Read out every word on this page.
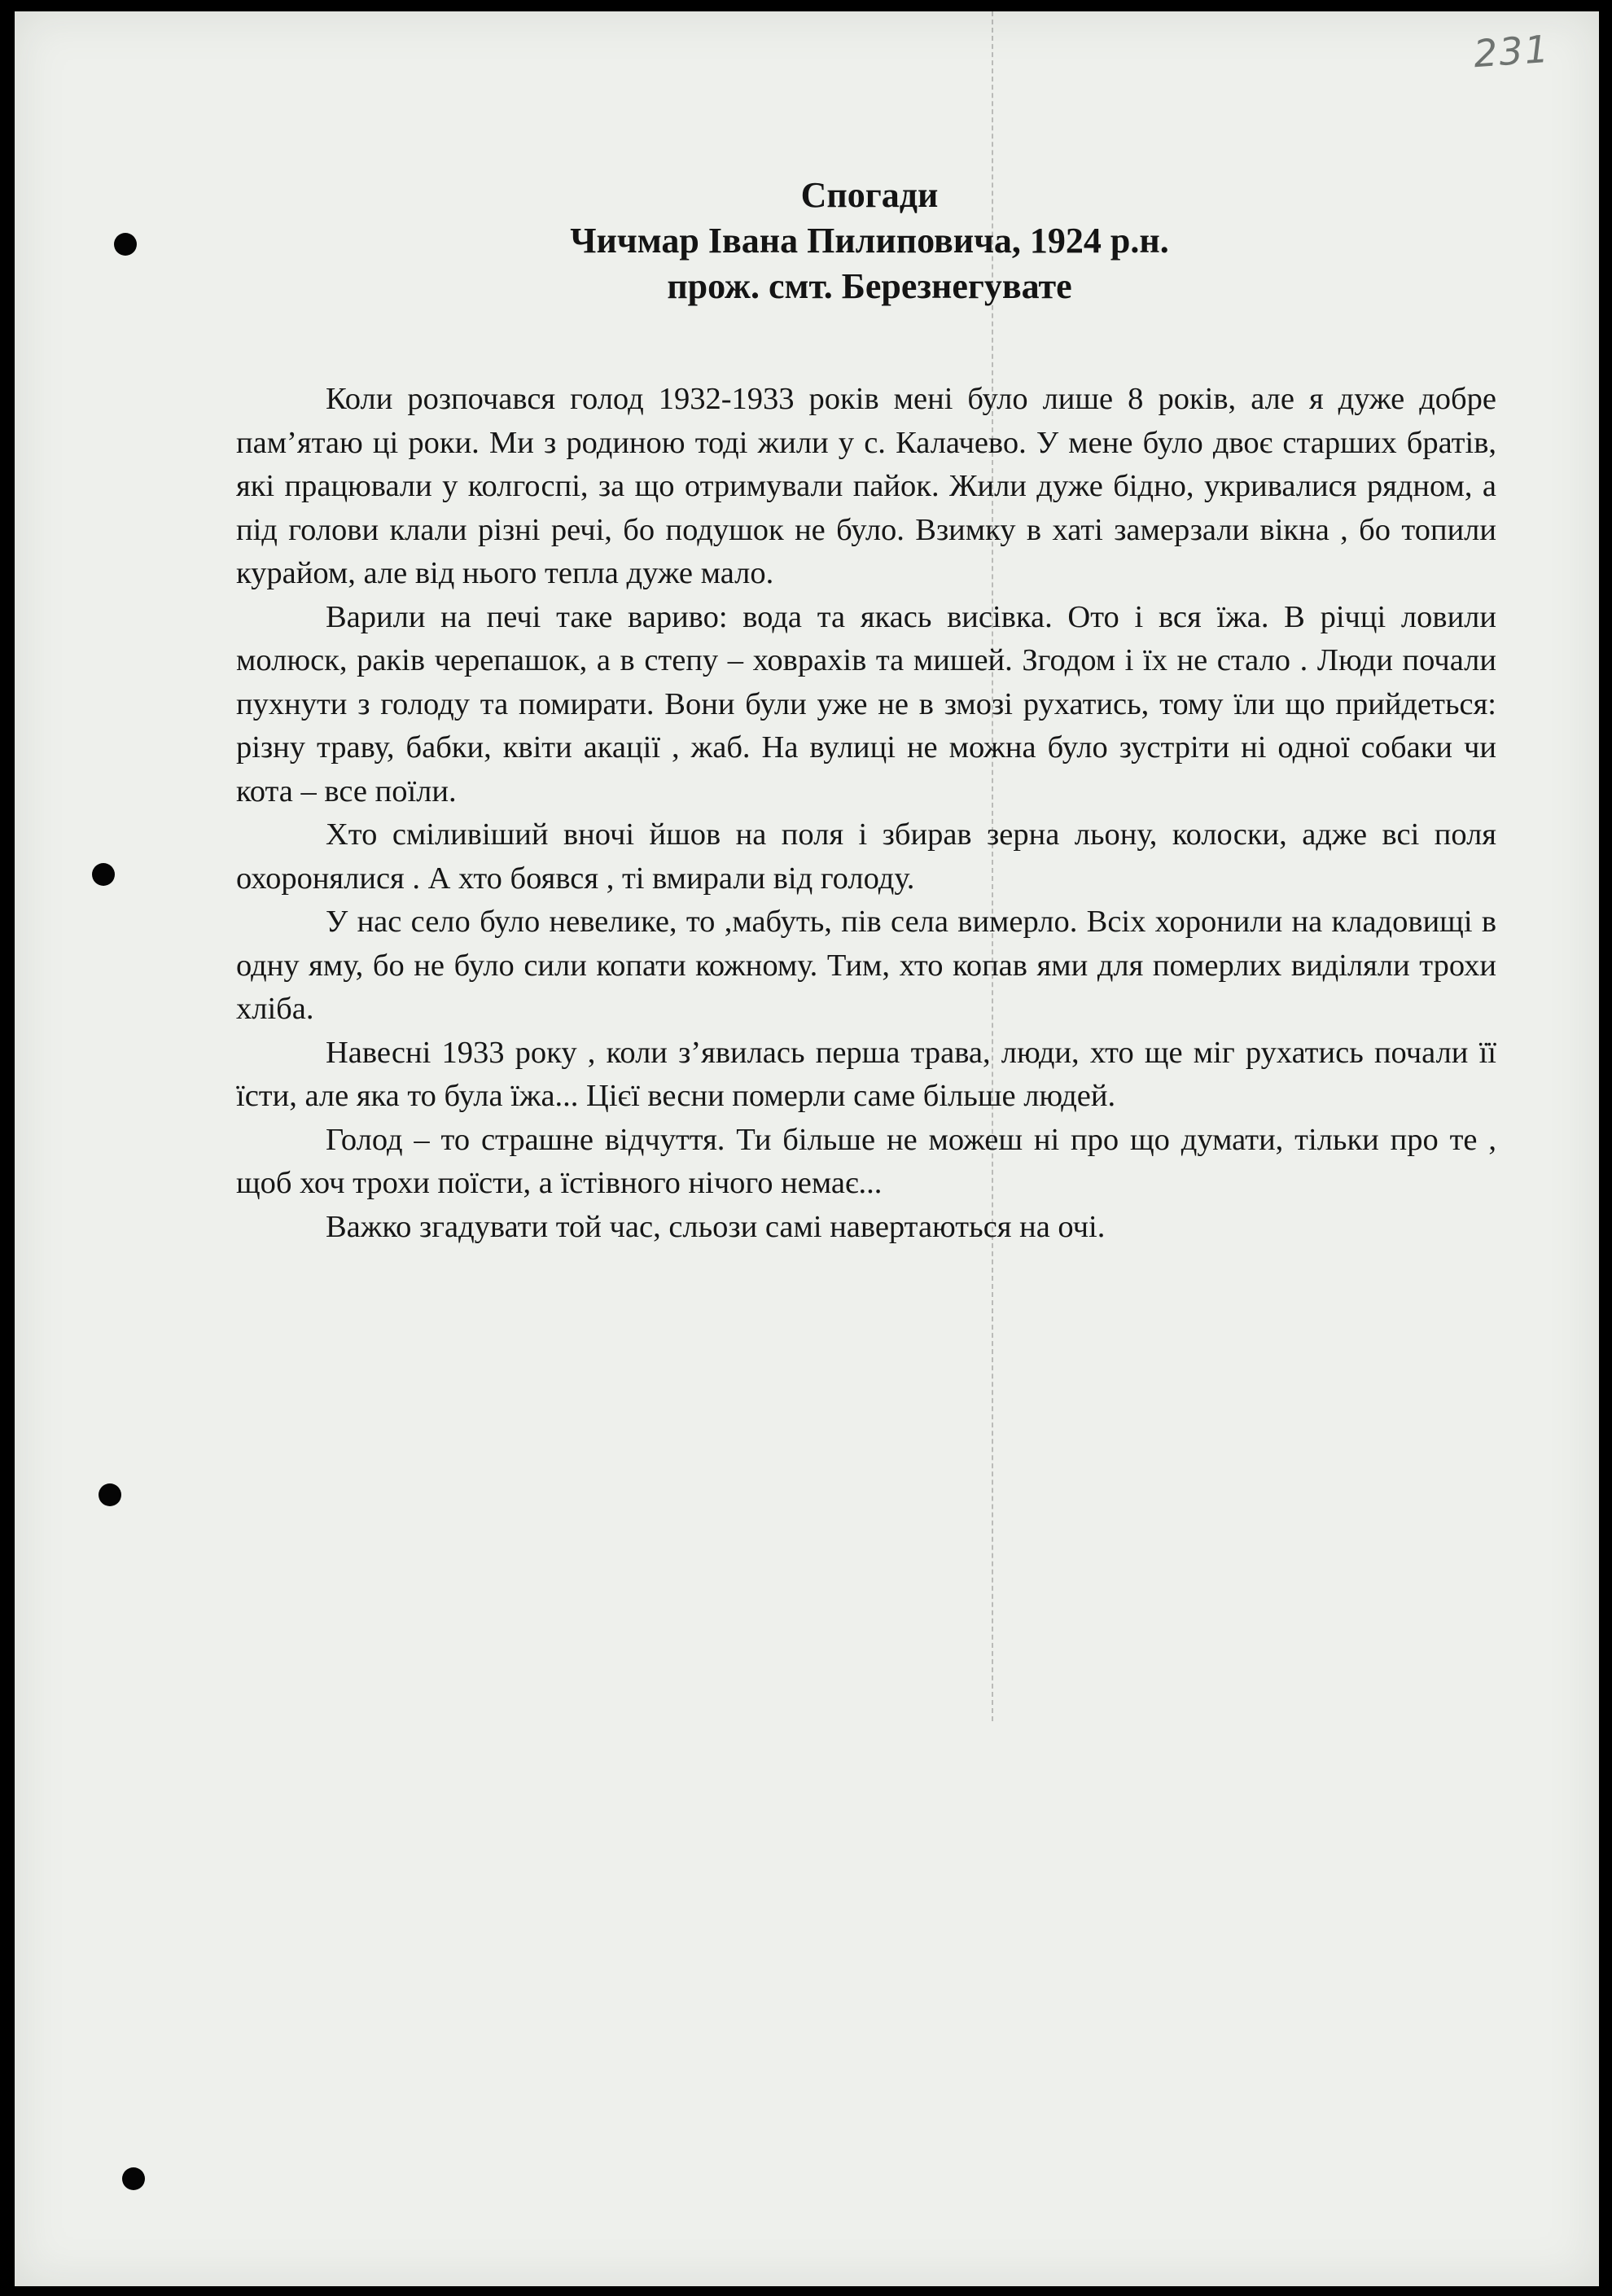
231
Спогади
Чичмар Івана Пилиповича, 1924 р.н.
прож. смт. Березнегувате

Коли розпочався голод 1932-1933 років мені було лише 8 років, але я дуже добре пам’ятаю ці роки. Ми з родиною тоді жили у с. Калачево. У мене було двоє старших братів, які працювали у колгоспі, за що отримували пайок. Жили дуже бідно, укривалися рядном, а під голови клали різні речі, бо подушок не було. Взимку в хаті замерзали вікна , бо топили курайом, але від нього тепла дуже мало.

Варили на печі таке вариво: вода та якась висівка. Ото і вся їжа. В річці ловили молюск, раків черепашок, а в степу – ховрахів та мишей. Згодом і їх не стало . Люди почали пухнути з голоду та помирати. Вони були уже не в змозі рухатись, тому їли що прийдеться: різну траву, бабки, квіти акації , жаб. На вулиці не можна було зустріти ні одної собаки чи кота – все поїли.

Хто сміливіший вночі йшов на поля і збирав зерна льону, колоски, адже всі поля охоронялися . А хто боявся , ті вмирали від голоду.

У нас село було невелике, то ,мабуть, пів села вимерло. Всіх хоронили на кладовищі в одну яму, бо не було сили копати кожному. Тим, хто копав ями для померлих виділяли трохи хліба.

Навесні 1933 року , коли з’явилась перша трава, люди, хто ще міг рухатись почали її їсти, але яка то була їжа... Цієї весни померли саме більше людей.

Голод – то страшне відчуття. Ти більше не можеш ні про що думати, тільки про те , щоб хоч трохи поїсти, а їстівного нічого немає...

Важко згадувати той час, сльози самі навертаються на очі.
